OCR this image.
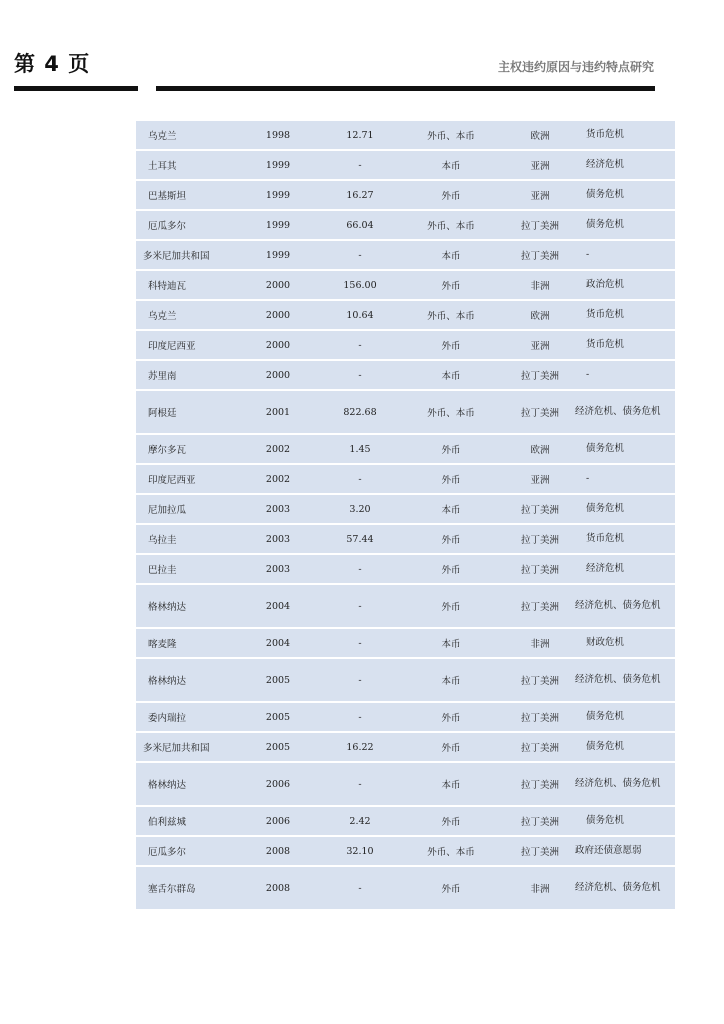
第 4 页	主权违约原因与违约特点研究
乌克兰	1998	12.71	外币、本币	欧洲	货币危机
土耳其	1999	-	本币	亚洲	经济危机
巴基斯坦	1999	16.27	外币	亚洲	债务危机
厄瓜多尔	1999	66.04	外币、本币	拉丁美洲	债务危机
多米尼加共和国	1999	-	本币	拉丁美洲	-
科特迪瓦	2000	156.00	外币	非洲	政治危机
乌克兰	2000	10.64	外币、本币	欧洲	货币危机
印度尼西亚	2000	-	外币	亚洲	货币危机
苏里南	2000	-	本币	拉丁美洲	-
阿根廷	2001	822.68	外币、本币	拉丁美洲	经济危机、债务危机
摩尔多瓦	2002	1.45	外币	欧洲	债务危机
印度尼西亚	2002	-	外币	亚洲	-
尼加拉瓜	2003	3.20	本币	拉丁美洲	债务危机
乌拉圭	2003	57.44	外币	拉丁美洲	货币危机
巴拉圭	2003	-	外币	拉丁美洲	经济危机
格林纳达	2004	-	外币	拉丁美洲	经济危机、债务危机
喀麦隆	2004	-	本币	非洲	财政危机
格林纳达	2005	-	本币	拉丁美洲	经济危机、债务危机
委内瑞拉	2005	-	外币	拉丁美洲	债务危机
多米尼加共和国	2005	16.22	外币	拉丁美洲	债务危机
格林纳达	2006	-	本币	拉丁美洲	经济危机、债务危机
伯利兹城	2006	2.42	外币	拉丁美洲	债务危机
厄瓜多尔	2008	32.10	外币、本币	拉丁美洲	政府还债意愿弱
塞舌尔群岛	2008	-	外币	非洲	经济危机、债务危机
